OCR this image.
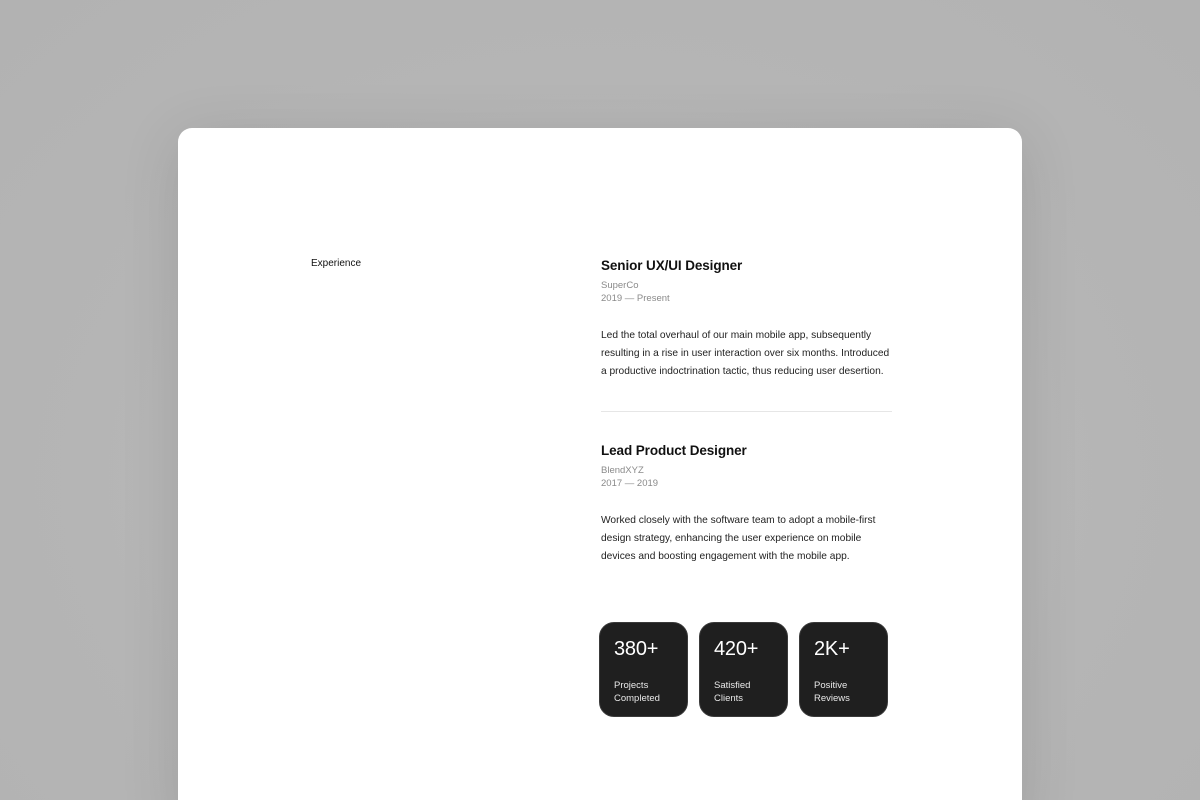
Experience	Senior UX/UI Designer
SuperCo
2019 — Present
Led the total overhaul of our main mobile app, subsequently resulting in a rise in user interaction over six months. Introduced a productive indoctrination tactic, thus reducing user desertion.
Lead Product Designer
BlendXYZ
2017 — 2019
Worked closely with the software team to adopt a mobile-first design strategy, enhancing the user experience on mobile devices and boosting engagement with the mobile app.
380+
Projects
Completed
420+
Satisfied
Clients
2K+
Positive
Reviews
